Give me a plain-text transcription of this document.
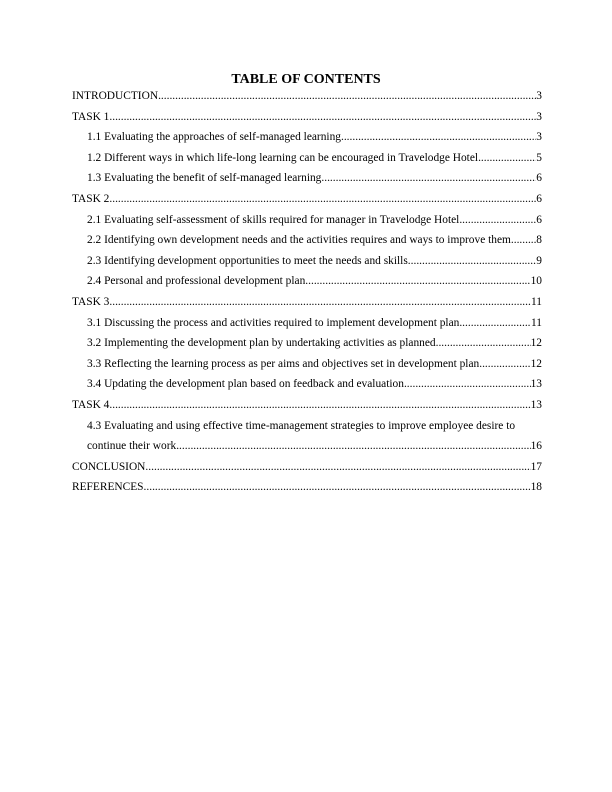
TABLE OF CONTENTS
INTRODUCTION .....	3
TASK 1 .....	3
1.1 Evaluating the approaches of self-managed learning .....	3
1.2 Different ways in which life-long learning can be encouraged in Travelodge Hotel .....	5
1.3 Evaluating the benefit of self-managed learning .....	6
TASK 2 .....	6
2.1 Evaluating self-assessment of skills required for manager in Travelodge Hotel .....	6
2.2 Identifying own development needs and the activities requires and ways to improve them ..... 8
2.3 Identifying development opportunities to meet the needs and skills .....	9
2.4 Personal and professional development plan .....	10
TASK 3 .....	11
3.1 Discussing the process and activities required to implement development plan .....	11
3.2 Implementing the development plan by undertaking activities as planned .....	12
3.3 Reflecting the learning process as per aims and objectives set in development plan .....	12
3.4 Updating the development plan based on feedback and evaluation .....	13
TASK 4 .....	13
4.3 Evaluating and using effective time-management strategies to improve employee desire to
continue their work .....	16
CONCLUSION .....	17
REFERENCES .....	18
